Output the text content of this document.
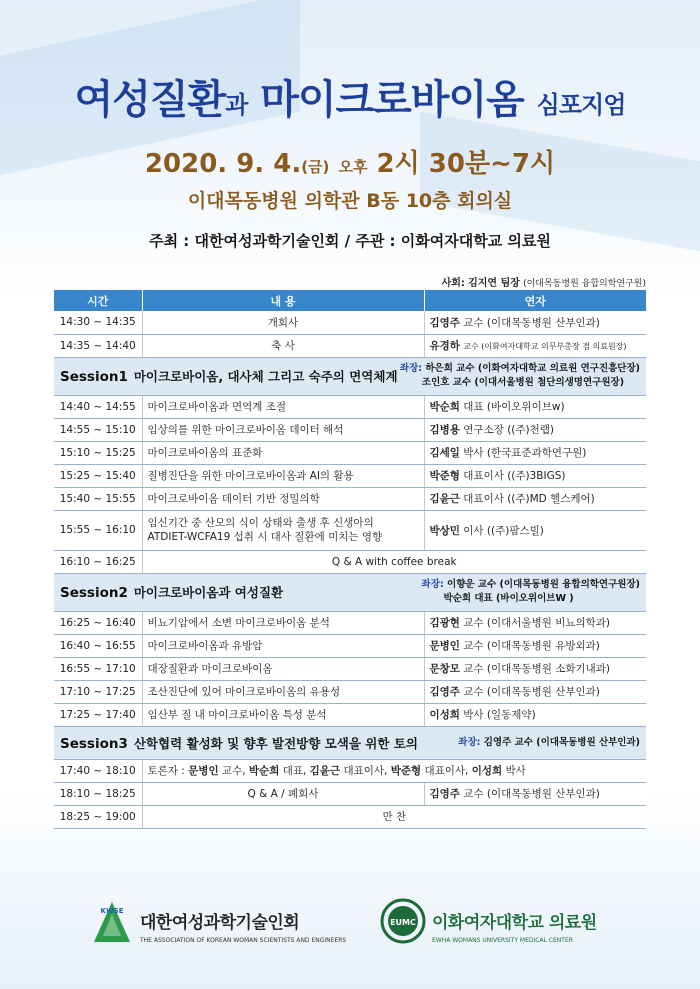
여성질환과 마이크로바이옴 심포지엄
2020. 9. 4.(금) 오후 2시 30분~7시
이대목동병원 의학관 B동 10층 회의실
주최 : 대한여성과학기술인회 / 주관 : 이화여자대학교 의료원
사회: 김지연 팀장 (이대목동병원 융합의학연구원)
시간	내 용	연자
14:30 ~ 14:35	개회사	김영주 교수 (이대목동병원 산부인과)
14:35 ~ 14:40	축 사	유경하 교수 (이화여자대학교 의무부총장 겸 의료원장)

Session1 마이크로바이옴, 대사체 그리고 숙주의 면역체계
좌장: 하은희 교수 (이화여자대학교 의료원 연구진흥단장)
조인호 교수 (이대서울병원 첨단의생명연구원장)		

14:40 ~ 14:55	마이크로바이옴과 면역계 조절	박순희 대표 (바이오위이브w)
14:55 ~ 15:10	임상의를 위한 마이크로바이옴 데이터 해석	김병용 연구소장 ((주)천랩)
15:10 ~ 15:25	마이크로바이옴의 표준화	김세일 박사 (한국표준과학연구원)
15:25 ~ 15:40	질병진단을 위한 마이크로바이옴과 AI의 활용	박준형 대표이사 ((주)3BIGS)
15:40 ~ 15:55	마이크로바이옴 데이터 기반 정밀의학	김윤근 대표이사 ((주)MD 헬스케어)
15:55 ~ 16:10	임신기간 중 산모의 식이 상태와 출생 후 신생아의
ATDIET-WCFA19 섭취 시 대사 질환에 미치는 영향	박상민 이사 ((주)팜스빌)
16:10 ~ 16:25	Q & A with coffee break	

Session2 마이크로바이옴과 여성질환
좌장: 이향운 교수 (이대목동병원 융합의학연구원장)
박순희 대표 (바이오위이브W )		

16:25 ~ 16:40	비뇨기암에서 소변 마이크로바이옴 분석	김광현 교수 (이대서울병원 비뇨의학과)
16:40 ~ 16:55	마이크로바이옴과 유방암	문병인 교수 (이대목동병원 유방외과)
16:55 ~ 17:10	대장질환과 마이크로바이옴	문창모 교수 (이대목동병원 소화기내과)
17:10 ~ 17:25	조산진단에 있어 마이크로바이옴의 유용성	김영주 교수 (이대목동병원 산부인과)
17:25 ~ 17:40	임산부 질 내 마이크로바이옴 특성 분석	이성희 박사 (일동제약)

Session3 산학협력 활성화 및 향후 발전방향 모색을 위한 토의 좌장: 김영주 교수 (이대목동병원 산부인과)		

17:40 ~ 18:10	토론자 : 문병인 교수, 박순희 대표, 김윤근 대표이사, 박준형 대표이사, 이성희 박사	
18:10 ~ 18:25	Q & A / 폐회사	김영주 교수 (이대목동병원 산부인과)
18:25 ~ 19:00	만 찬	
KWSE
대한여성과학기술인회
THE ASSOCIATION OF KOREAN WOMAN SCIENTISTS AND ENGINEERS
EUMC 이화여자대학교 의료원
EWHA WOMANS UNIVERSITY MEDICAL CENTER
